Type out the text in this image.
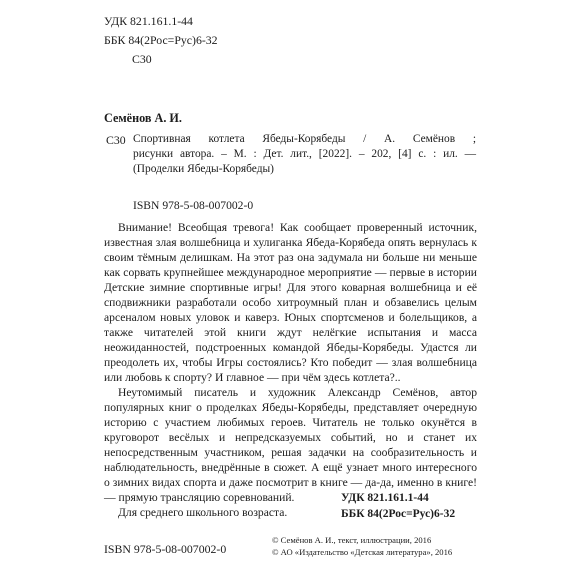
УДК 821.161.1-44
ББК 84(2Рос=Рус)6-32
С30
Семёнов А. И.
С30 Спортивная котлета Ябеды-Корябеды / А. Семёнов ;
рисунки автора. – М. : Дет. лит., [2022]. – 202, [4] с. : ил. —
(Проделки Ябеды-Корябеды)
ISBN 978-5-08-007002-0

Внимание! Всеобщая тревога! Как сообщает проверенный источник, известная злая волшебница и хулиганка Ябеда-Корябеда опять вернулась к своим тёмным делишкам. На этот раз она задумала ни больше ни меньше как сорвать крупнейшее международное мероприятие — первые в истории Детские зимние спортивные игры! Для этого коварная волшебница и её сподвижники разработали особо хитроумный план и обзавелись целым арсеналом новых уловок и каверз. Юных спортсменов и болельщиков, а также читателей этой книги ждут нелёгкие испытания и масса неожиданностей, подстроенных командой Ябеды-Корябеды. Удастся ли преодолеть их, чтобы Игры состоялись? Кто победит — злая волшебница или любовь к спорту? И главное — при чём здесь котлета?..

Неутомимый писатель и художник Александр Семёнов, автор популярных книг о проделках Ябеды-Корябеды, представляет очередную историю с участием любимых героев. Читатель не только окунётся в круговорот весёлых и непредсказуемых событий, но и станет их непосредственным участником, решая задачки на сообразительность и наблюдательность, внедрённые в сюжет. А ещё узнает много интересного о зимних видах спорта и даже посмотрит в книге — да-да, именно в книге! — прямую трансляцию соревнований.

Для среднего школьного возраста.

УДК 821.161.1-44
ББК 84(2Рос=Рус)6-32
ISBN 978-5-08-007002-0
© Семёнов А. И., текст, иллюстрации, 2016
© АО «Издательство «Детская литература», 2016
